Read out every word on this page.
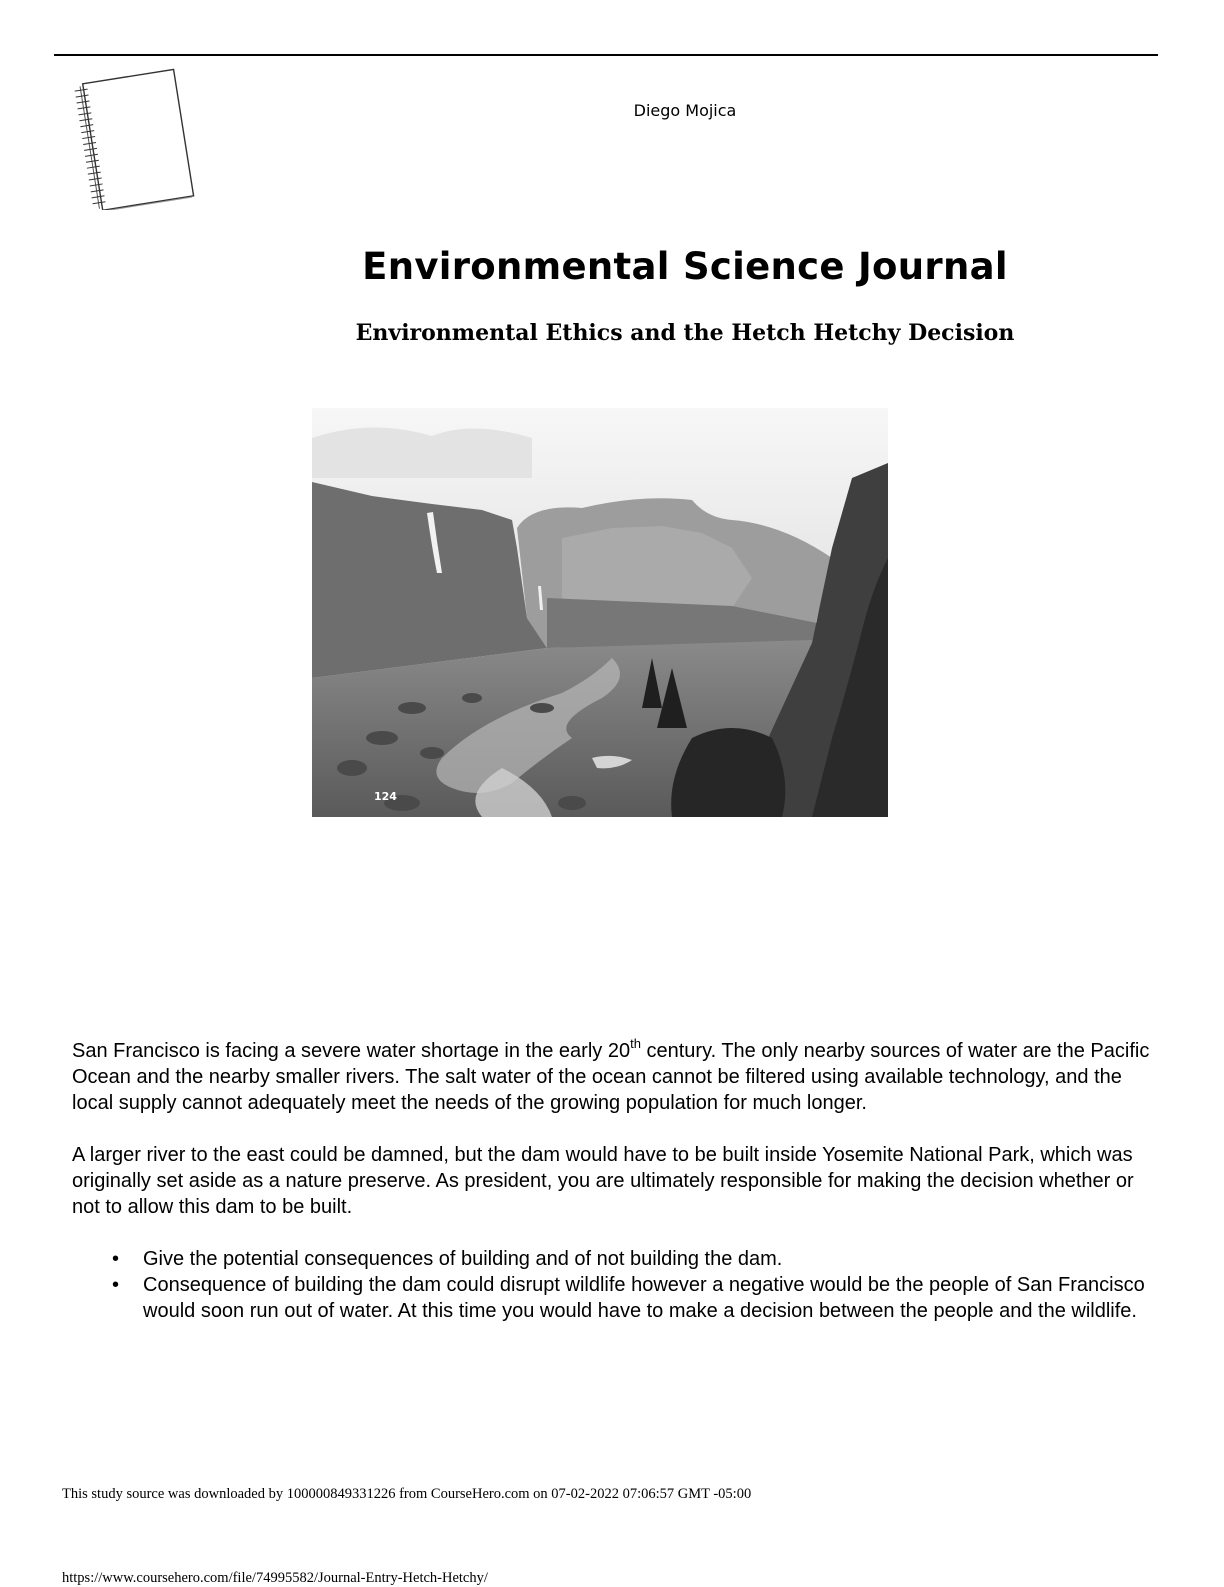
Diego Mojica
Environmental Science Journal
Environmental Ethics and the Hetch Hetchy Decision
124

San Francisco is facing a severe water shortage in the early 20th century. The only nearby sources of water are the Pacific Ocean and the nearby smaller rivers. The salt water of the ocean cannot be filtered using available technology, and the local supply cannot adequately meet the needs of the growing population for much longer.

A larger river to the east could be damned, but the dam would have to be built inside Yosemite National Park, which was originally set aside as a nature preserve. As president, you are ultimately responsible for making the decision whether or not to allow this dam to be built.

• Give the potential consequences of building and of not building the dam.
• Consequence of building the dam could disrupt wildlife however a negative would be the people of San Francisco would soon run out of water. At this time you would have to make a decision between the people and the wildlife.
This study source was downloaded by 100000849331226 from CourseHero.com on 07-02-2022 07:06:57 GMT -05:00
https://www.coursehero.com/file/74995582/Journal-Entry-Hetch-Hetchy/
